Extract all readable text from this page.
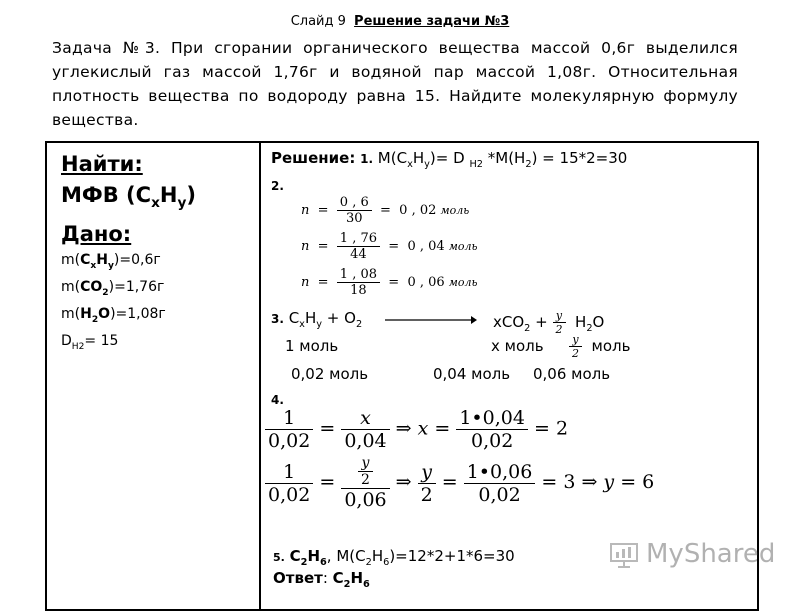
Слайд 9 Решение задачи №3
Задача №3. При сгорании органического вещества массой 0,6г выделился углекислый газ массой 1,76г и водяной пар массой 1,08г. Относительная плотность вещества по водороду равна 15. Найдите молекулярную формулу вещества.
Найти:
МФВ $(C_xH_y)$
Дано:
$m(C_xH_y)=0,6г$
$m(CO_2)=1,76г$
$m(H_2O)=1,08г$
$D_{H2}= 15$
Решение: 1. $M(C_xH_y)= D$ $_{H2}$ $*M(H_2) = 15*2=30$
2.
$n = \frac{0 , 6}{30} = 0$ , 02 моль
$n = \frac{1 , 76}{44} = 0$ , 04 моль
$n = \frac{1 , 08}{18} = 0$ , 06 моль
3. $C_xH_y + O_2$	$xCO_2 + \frac{y}{2} H_2O$
1 моль	х моль $\frac{y}{2}$ моль
0,02 моль	0,04 моль 0,06 моль
4.
$\frac{1}{0,02} = \frac{x}{0,04}$ ⇒ $x = \frac{1•0,04}{0,02} = 2$
$\frac{1}{0,02} = \frac{\frac{y}{2}}{0,06}$ ⇒ $\frac{y}{2} = \frac{1•0,06}{0,02} = 3$ ⇒ y = 6
5. $C_2H_6$, $M(C_2H_6)=12*2+1*6=30$
Ответ: $C_2H_6$
MyShared
